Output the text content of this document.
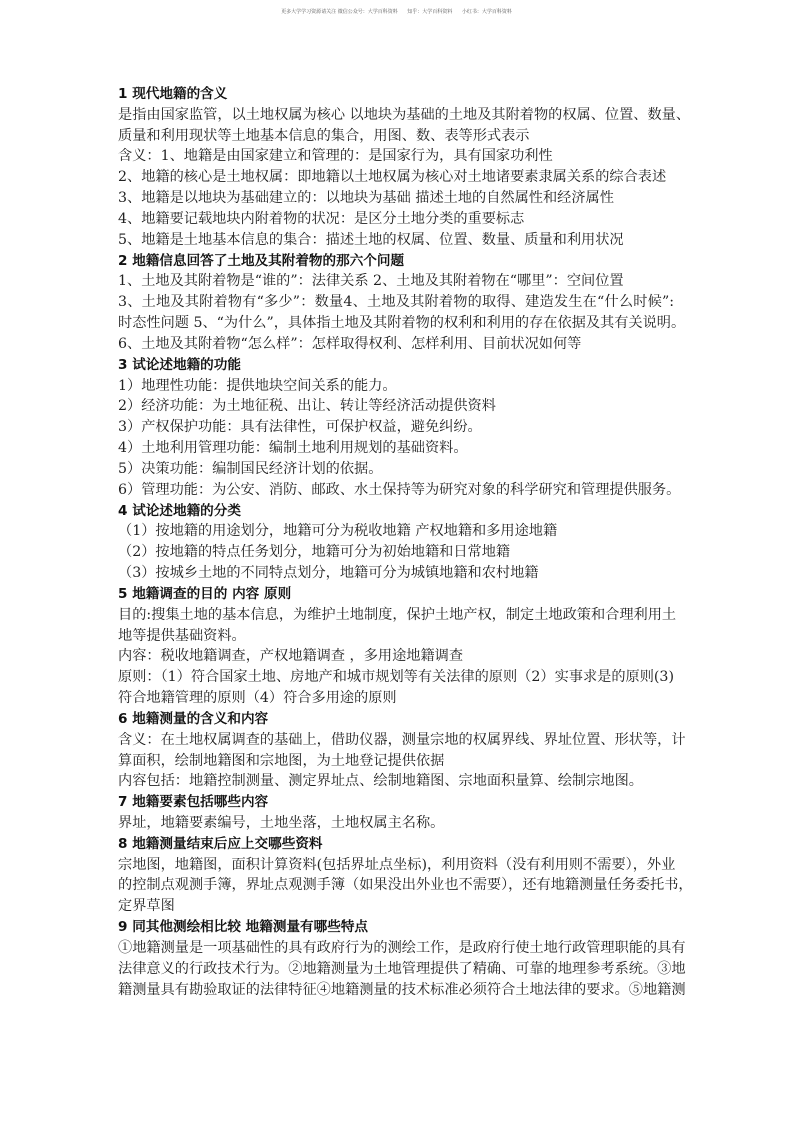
更多大学学习资源请关注 微信公众号：大学百科资料      知乎：大学百科资料      小红书：大学百科资料
1 现代地籍的含义
是指由国家监管，以土地权属为核心 以地块为基础的土地及其附着物的权属、位置、数量、
质量和利用现状等土地基本信息的集合，用图、数、表等形式表示
含义：1、地籍是由国家建立和管理的：是国家行为，具有国家功利性
2、地籍的核心是土地权属：即地籍以土地权属为核心对土地诸要素隶属关系的综合表述
3、地籍是以地块为基础建立的：以地块为基础 描述土地的自然属性和经济属性
4、地籍要记载地块内附着物的状况：是区分土地分类的重要标志
5、地籍是土地基本信息的集合：描述土地的权属、位置、数量、质量和利用状况
2 地籍信息回答了土地及其附着物的那六个问题
1、土地及其附着物是“谁的”：法律关系 2、土地及其附着物在“哪里”：空间位置
3、土地及其附着物有“多少”：数量4、土地及其附着物的取得、建造发生在“什么时候”:
时态性问题 5、“为什么”，具体指土地及其附着物的权利和利用的存在依据及其有关说明。
6、土地及其附着物“怎么样”：怎样取得权利、怎样利用、目前状况如何等
3 试论述地籍的功能
1）地理性功能：提供地块空间关系的能力。
2）经济功能：为土地征税、出让、转让等经济活动提供资料
3）产权保护功能：具有法律性，可保护权益，避免纠纷。
4）土地利用管理功能：编制土地利用规划的基础资料。
5）决策功能：编制国民经济计划的依据。
6）管理功能：为公安、消防、邮政、水土保持等为研究对象的科学研究和管理提供服务。
4 试论述地籍的分类
（1）按地籍的用途划分，地籍可分为税收地籍 产权地籍和多用途地籍
（2）按地籍的特点任务划分，地籍可分为初始地籍和日常地籍
（3）按城乡土地的不同特点划分，地籍可分为城镇地籍和农村地籍
5 地籍调查的目的 内容 原则
目的:搜集土地的基本信息，为维护土地制度，保护土地产权，制定土地政策和合理利用土
地等提供基础资料。
内容：税收地籍调查，产权地籍调查 ，多用途地籍调查
原则：（1）符合国家土地、房地产和城市规划等有关法律的原则（2）实事求是的原则(3)
符合地籍管理的原则（4）符合多用途的原则
6 地籍测量的含义和内容
含义：在土地权属调查的基础上，借助仪器，测量宗地的权属界线、界址位置、形状等，计
算面积，绘制地籍图和宗地图，为土地登记提供依据
内容包括：地籍控制测量、测定界址点、绘制地籍图、宗地面积量算、绘制宗地图。
7 地籍要素包括哪些内容
界址，地籍要素编号，土地坐落，土地权属主名称。
8 地籍测量结束后应上交哪些资料
宗地图，地籍图，面积计算资料(包括界址点坐标)，利用资料（没有利用则不需要），外业
的控制点观测手簿，界址点观测手簿（如果没出外业也不需要），还有地籍测量任务委托书，
定界草图
9 同其他测绘相比较 地籍测量有哪些特点
①地籍测量是一项基础性的具有政府行为的测绘工作，是政府行使土地行政管理职能的具有
法律意义的行政技术行为。②地籍测量为土地管理提供了精确、可靠的地理参考系统。③地
籍测量具有勘验取证的法律特征④地籍测量的技术标准必须符合土地法律的要求。⑤地籍测
